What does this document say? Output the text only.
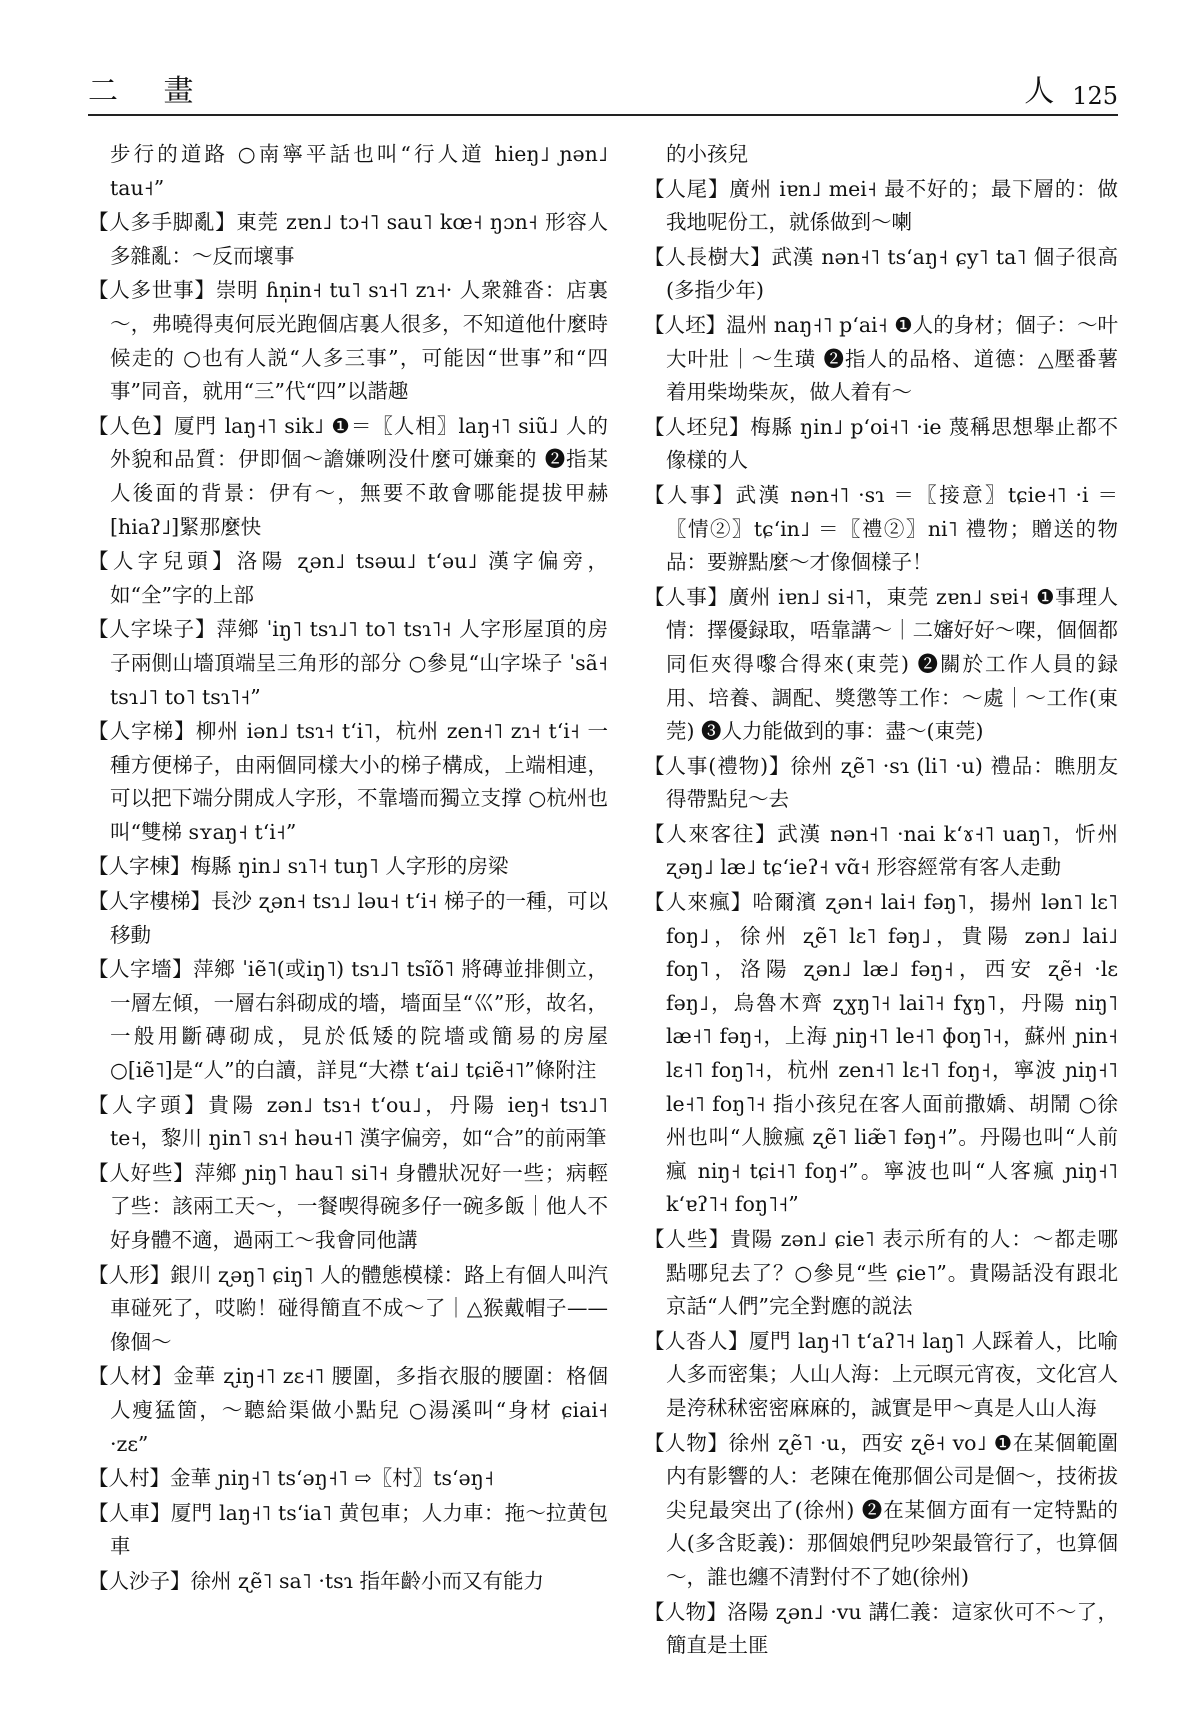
二 畫	人 125

步行的道路 ○南寧平話也叫“行人道 hieŋ˩ ɲən˩ tau˧”

【人多手脚亂】東莞 zɐn˩ tɔ˧˥ sau˥ kœ˧ ŋɔn˧ 形容人多雜亂：～反而壞事

【人多世事】崇明 ɦn̩in˧ tu˥ sɿ˧˥ zɿ˧· 人衆雜沓：店裏～，弗曉得夷何辰光跑個店裏人很多，不知道他什麼時候走的 ○也有人説“人多三事”，可能因“世事”和“四事”同音，就用“三”代“四”以諧趣

【人色】厦門 laŋ˧˥ sik˩ ❶＝〖人相〗laŋ˧˥ siũ˩ 人的外貌和品質：伊即個～譫嫌咧没什麼可嫌棄的 ❷指某人後面的背景：伊有～，無要不敢會哪能提拔甲赫[hiaʔ˩]緊那麼快

【人字兒頭】洛陽 ʐən˩ tsəɯ˩ tʻəu˩ 漢字偏旁，如“全”字的上部

【人字垛子】萍鄉 ˈiŋ˥ tsɿ˩˥ to˥ tsɿ˥˧ 人字形屋頂的房子兩側山墻頂端呈三角形的部分 ○參見“山字垛子 ˈsã˧ tsɿ˩˥ to˥ tsɿ˥˧”

【人字梯】柳州 iən˩ tsɿ˧ tʻi˥，杭州 zen˧˥ zɿ˧ tʻi˧ 一種方便梯子，由兩個同樣大小的梯子構成，上端相連，可以把下端分開成人字形，不靠墻而獨立支撑 ○杭州也叫“雙梯 sʏaŋ˧ tʻi˧”

【人字棟】梅縣 ŋin˩ sɿ˥˧ tuŋ˥ 人字形的房梁

【人字樓梯】長沙 ʐən˧ tsɿ˩ ləu˧ tʻi˧ 梯子的一種，可以移動

【人字墻】萍鄉 ˈiẽ˥(或iŋ˥) tsɿ˩˥ tsĩõ˥ 將磚並排側立，一層左傾，一層右斜砌成的墻，墻面呈“巛”形，故名，一般用斷磚砌成，見於低矮的院墻或簡易的房屋 ○[iẽ˥]是“人”的白讀，詳見“大襟 tʻai˩ tɕiẽ˧˥”條附注

【人字頭】貴陽 zən˩ tsɿ˧ tʻou˩，丹陽 ieŋ˧ tsɿ˩˥ te˧，黎川 ŋin˥ sɿ˧ həu˧˥ 漢字偏旁，如“合”的前兩筆

【人好些】萍鄉 ɲiŋ˥ hau˥ si˥˧ 身體狀况好一些；病輕了些：該兩工天～，一餐喫得碗多仔一碗多飯｜他人不好身體不適，過兩工～我會同他講

【人形】銀川 ʐəŋ˥ ɕiŋ˥ 人的體態模樣：路上有個人叫汽車碰死了，哎喲！碰得簡直不成～了｜△猴戴帽子——像個～

【人材】金華 ʐiŋ˧˥ zɛ˧˥ 腰圍，多指衣服的腰圍：格個人瘦猛箇，～聽給渠做小點兒 ○湯溪叫“身材 ɕiai˧ ·zɛ”

【人村】金華 ɲiŋ˧˥ tsʻəŋ˧˥ ⇨〖村〗tsʻəŋ˧

【人車】厦門 laŋ˧˥ tsʻia˥ 黄包車；人力車：拖～拉黄包車

【人沙子】徐州 ʐẽ˥ sa˥ ·tsɿ 指年齡小而又有能力

的小孩兒

【人尾】廣州 iɐn˩ mei˧ 最不好的；最下層的：做我地呢份工，就係做到～喇

【人長樹大】武漢 nən˧˥ tsʻaŋ˧ ɕy˥ ta˥ 個子很高(多指少年)

【人坯】温州 naŋ˧˥ pʻai˧ ❶人的身材；個子：～叶大叶壯｜～生璜 ❷指人的品格、道德：△壓番薯着用柴坳柴灰，做人着有～

【人坯兒】梅縣 ŋin˩ pʻoi˧˥ ·ie 蔑稱思想舉止都不像樣的人

【人事】武漢 nən˧˥ ·sɿ ＝〖接意〗tɕie˧˥ ·i ＝〖情②〗tɕʻin˩ ＝〖禮②〗ni˥ 禮物；贈送的物品：要辦點麼～才像個樣子！

【人事】廣州 iɐn˩ si˧˥，東莞 zɐn˩ sɐi˧ ❶事理人情：擇優録取，唔靠講～｜二嬸好好～㗎，個個都同佢夾得嚟合得來(東莞) ❷關於工作人員的録用、培養、調配、獎懲等工作：～處｜～工作(東莞) ❸人力能做到的事：盡～(東莞)

【人事(禮物)】徐州 ʐẽ˥ ·sɿ (li˥ ·u) 禮品：瞧朋友得帶點兒～去

【人來客往】武漢 nən˧˥ ·nai kʻɤ˧˥ uaŋ˥，忻州 ʐəŋ˩ læ˩ tɕʻieʔ˧ vɑ̃˧ 形容經常有客人走動

【人來瘋】哈爾濱 ʐən˧ lai˧ fəŋ˥，揚州 lən˥ lɛ˥ foŋ˩，徐州 ʐẽ˥ lɛ˥ fəŋ˩，貴陽 zən˩ lai˩ foŋ˥，洛陽 ʐən˩ læ˩ fəŋ˧，西安 ʐẽ˧ ·lɛ fəŋ˩，烏魯木齊 ʐɣŋ˥˧ lai˥˧ fɣŋ˥，丹陽 niŋ˥ læ˧˥ fəŋ˧，上海 ɲiŋ˧˥ le˧˥ ɸoŋ˥˧，蘇州 ɲin˧ lɛ˧˥ foŋ˥˧，杭州 zen˧˥ lɛ˧˥ foŋ˧，寧波 ɲiŋ˧˥ le˧˥ foŋ˥˧ 指小孩兒在客人面前撒嬌、胡鬧 ○徐州也叫“人臉瘋 ʐẽ˥ liæ̃˥ fəŋ˧”。丹陽也叫“人前瘋 niŋ˧ tɕi˧˥ foŋ˧”。寧波也叫“人客瘋 ɲiŋ˧˥ kʻɐʔ˥˧ foŋ˥˧”

【人些】貴陽 zən˩ ɕie˥ 表示所有的人：～都走哪點哪兒去了？○參見“些 ɕie˥”。貴陽話没有跟北京話“人們”完全對應的説法

【人沓人】厦門 laŋ˧˥ tʻaʔ˥˧ laŋ˥ 人踩着人，比喻人多而密集；人山人海：上元暝元宵夜，文化宫人是洿秫秫密密麻麻的，誠實是甲～真是人山人海

【人物】徐州 ʐẽ˥ ·u，西安 ʐẽ˧ vo˩ ❶在某個範圍内有影響的人：老陳在俺那個公司是個～，技術拔尖兒最突出了(徐州) ❷在某個方面有一定特點的人(多含貶義)：那個娘們兒吵架最管行了，也算個～，誰也纏不清對付不了她(徐州)

【人物】洛陽 ʐən˩ ·vu 講仁義：這家伙可不～了，簡直是土匪
